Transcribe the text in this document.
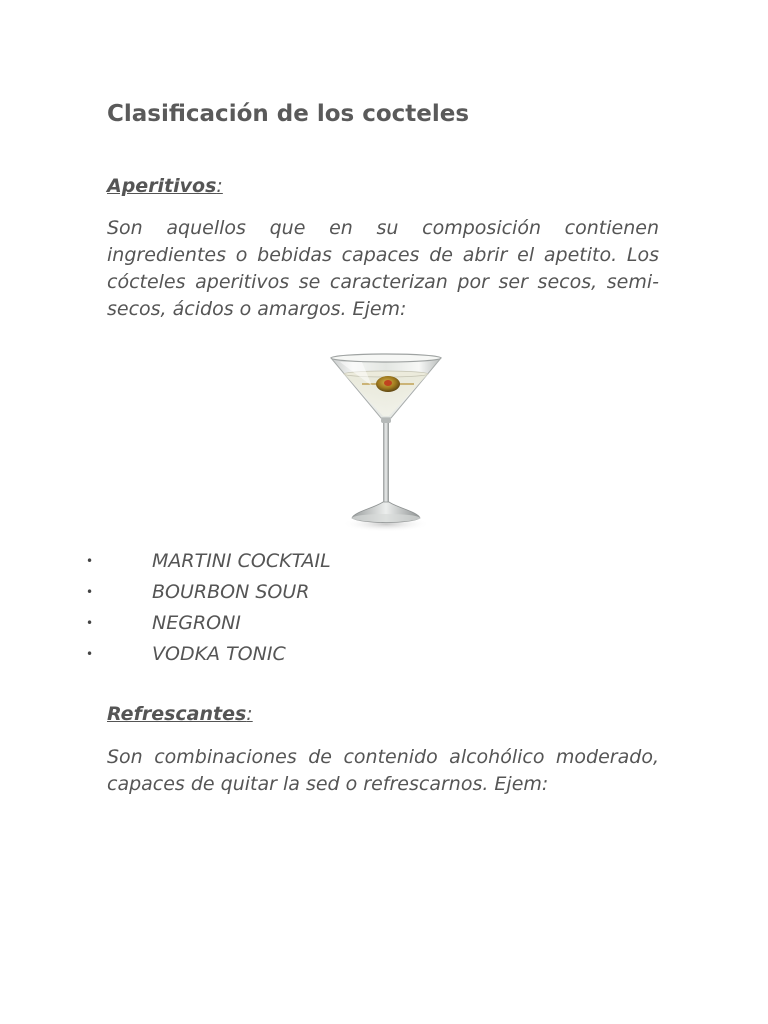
Clasificación de los cocteles
Aperitivos:

Son aquellos que en su composición contienen ingredientes o bebidas capaces de abrir el apetito. Los cócteles aperitivos se caracterizan por ser secos, semi-secos, ácidos o amargos. Ejem:

•	MARTINI COCKTAIL
•	BOURBON SOUR
•	NEGRONI
•	VODKA TONIC
Refrescantes:

Son combinaciones de contenido alcohólico moderado, capaces de quitar la sed o refrescarnos. Ejem:
